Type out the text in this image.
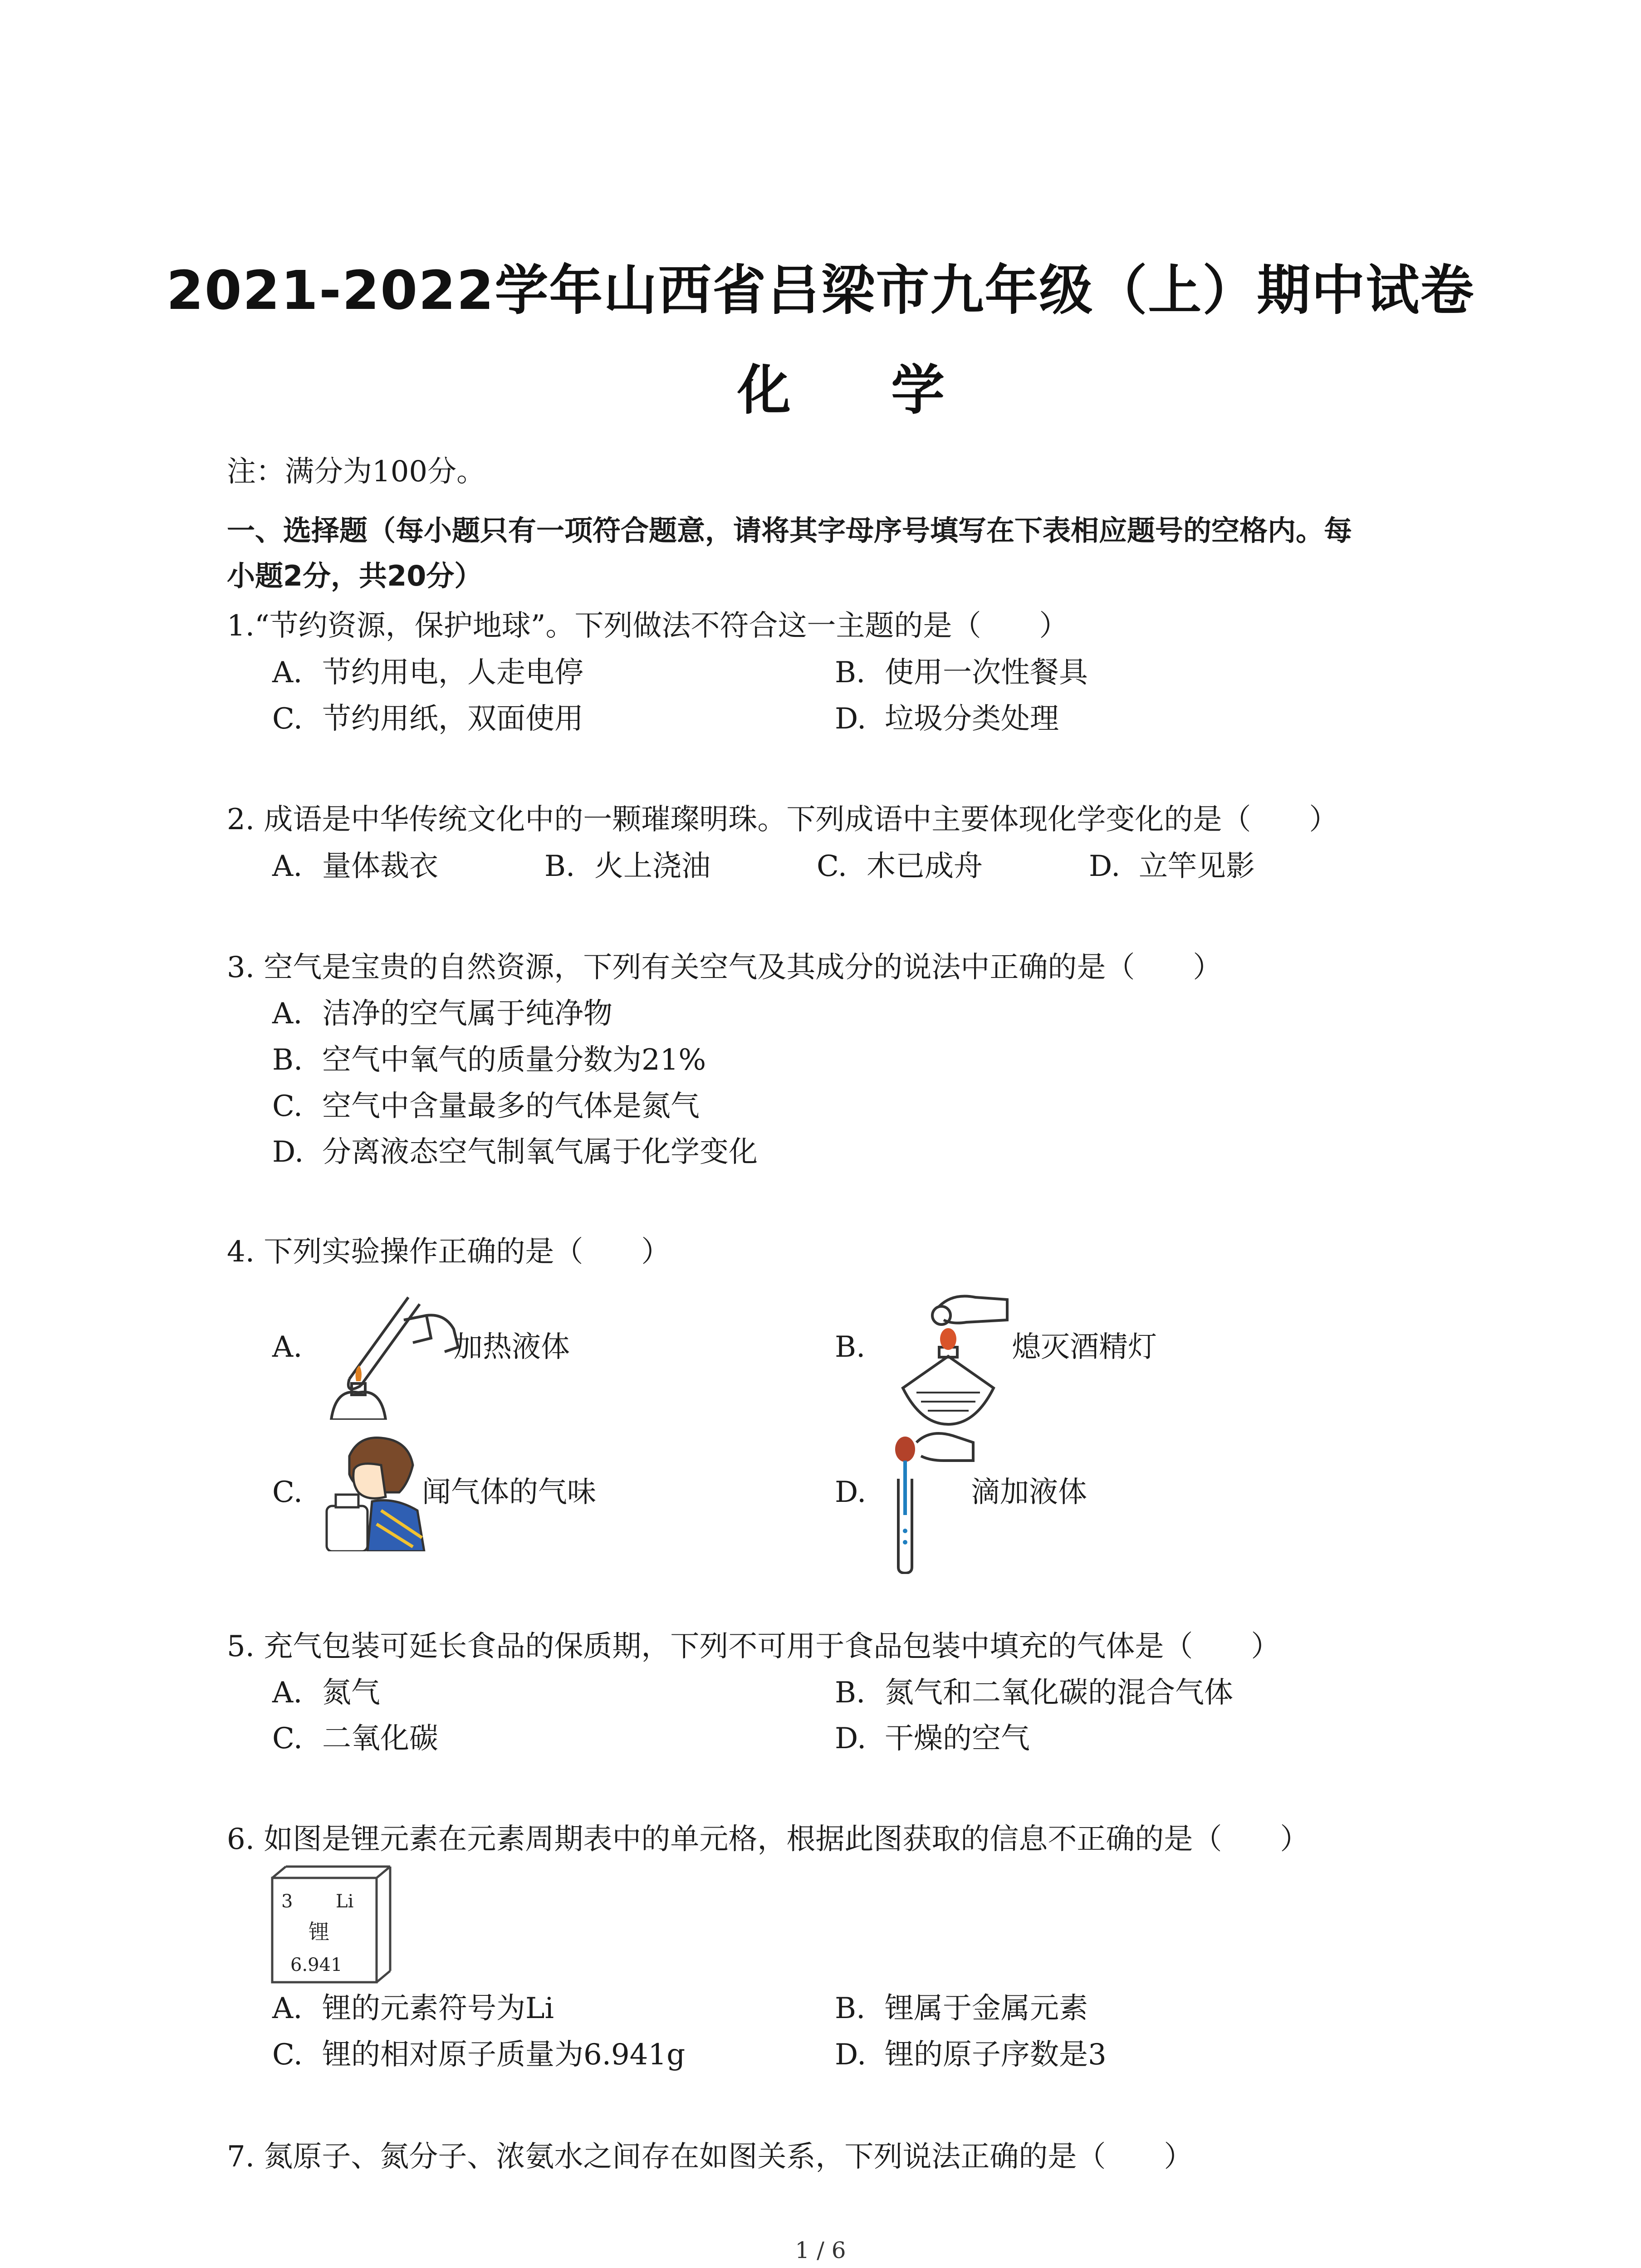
2021-2022学年山西省吕梁市九年级（上）期中试卷
化 学
注：满分为100分。
一、选择题（每小题只有一项符合题意，请将其字母序号填写在下表相应题号的空格内。每
小题2分，共20分）
1.“节约资源，保护地球”。下列做法不符合这一主题的是（　　）
A. 节约用电，人走电停	B. 使用一次性餐具
C. 节约用纸，双面使用	D. 垃圾分类处理
2. 成语是中华传统文化中的一颗璀璨明珠。下列成语中主要体现化学变化的是（　　）
A. 量体裁衣	B. 火上浇油	C. 木已成舟	D. 立竿见影
3. 空气是宝贵的自然资源，下列有关空气及其成分的说法中正确的是（　　）
A. 洁净的空气属于纯净物
B. 空气中氧气的质量分数为21%
C. 空气中含量最多的气体是氮气
D. 分离液态空气制氧气属于化学变化
4. 下列实验操作正确的是（　　）
A.	加热液体	B.	熄灭酒精灯
C.	闻气体的气味	D.	滴加液体
5. 充气包装可延长食品的保质期，下列不可用于食品包装中填充的气体是（　　）
A. 氮气	B. 氮气和二氧化碳的混合气体
C. 二氧化碳	D. 干燥的空气
6. 如图是锂元素在元素周期表中的单元格，根据此图获取的信息不正确的是（　　）
3 Li
锂
6.941
A. 锂的元素符号为Li	B. 锂属于金属元素
C. 锂的相对原子质量为6.941g	D. 锂的原子序数是3
7. 氮原子、氮分子、浓氨水之间存在如图关系，下列说法正确的是（　　）
1 / 6
